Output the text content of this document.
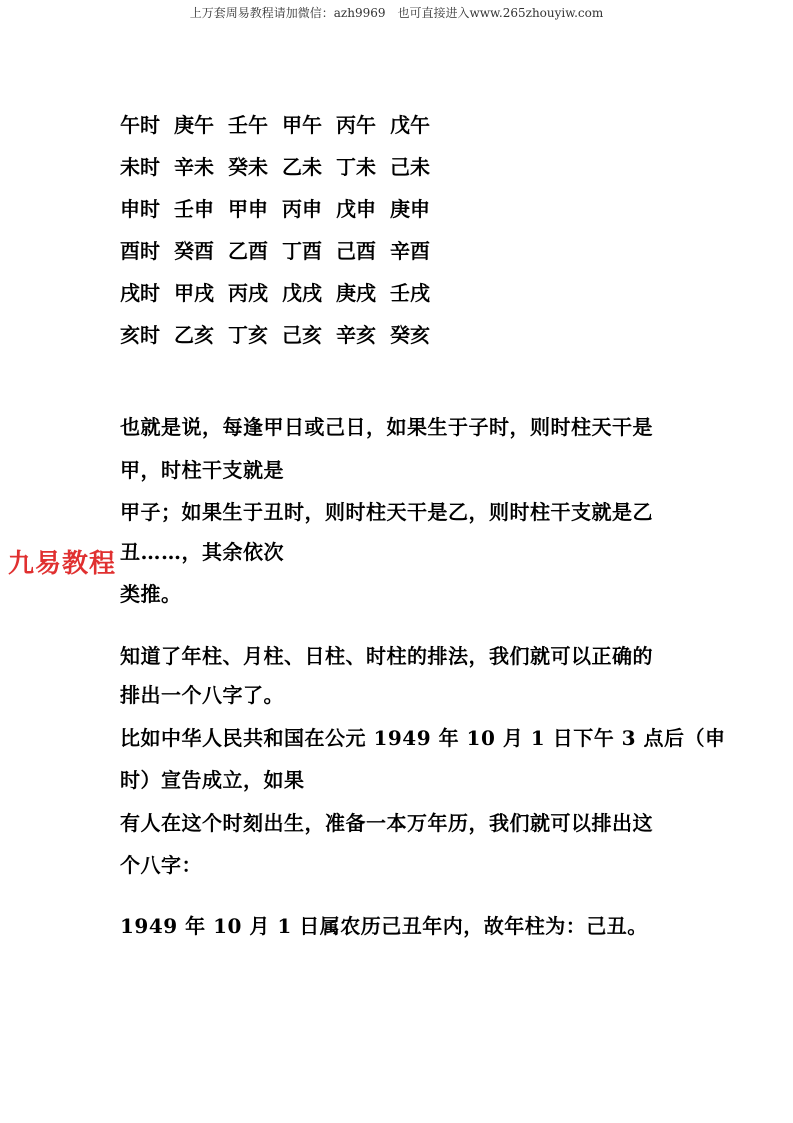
上万套周易教程请加微信：azh9969　也可直接进入www.265zhouyiw.com
午时 庚午 壬午 甲午 丙午 戊午
未时 辛未 癸未 乙未 丁未 己未
申时 壬申 甲申 丙申 戊申 庚申
酉时 癸酉 乙酉 丁酉 己酉 辛酉
戌时 甲戌 丙戌 戊戌 庚戌 壬戌
亥时 乙亥 丁亥 己亥 辛亥 癸亥
也就是说，每逢甲日或己日，如果生于子时，则时柱天干是
甲，时柱干支就是
甲子；如果生于丑时，则时柱天干是乙，则时柱干支就是乙
丑……，其余依次
类推。
知道了年柱、月柱、日柱、时柱的排法，我们就可以正确的
排出一个八字了。
比如中华人民共和国在公元 1949 年 10 月 1 日下午 3 点后（申
时）宣告成立，如果
有人在这个时刻出生，准备一本万年历，我们就可以排出这
个八字：
1949 年 10 月 1 日属农历己丑年内，故年柱为：己丑。
九易教程
